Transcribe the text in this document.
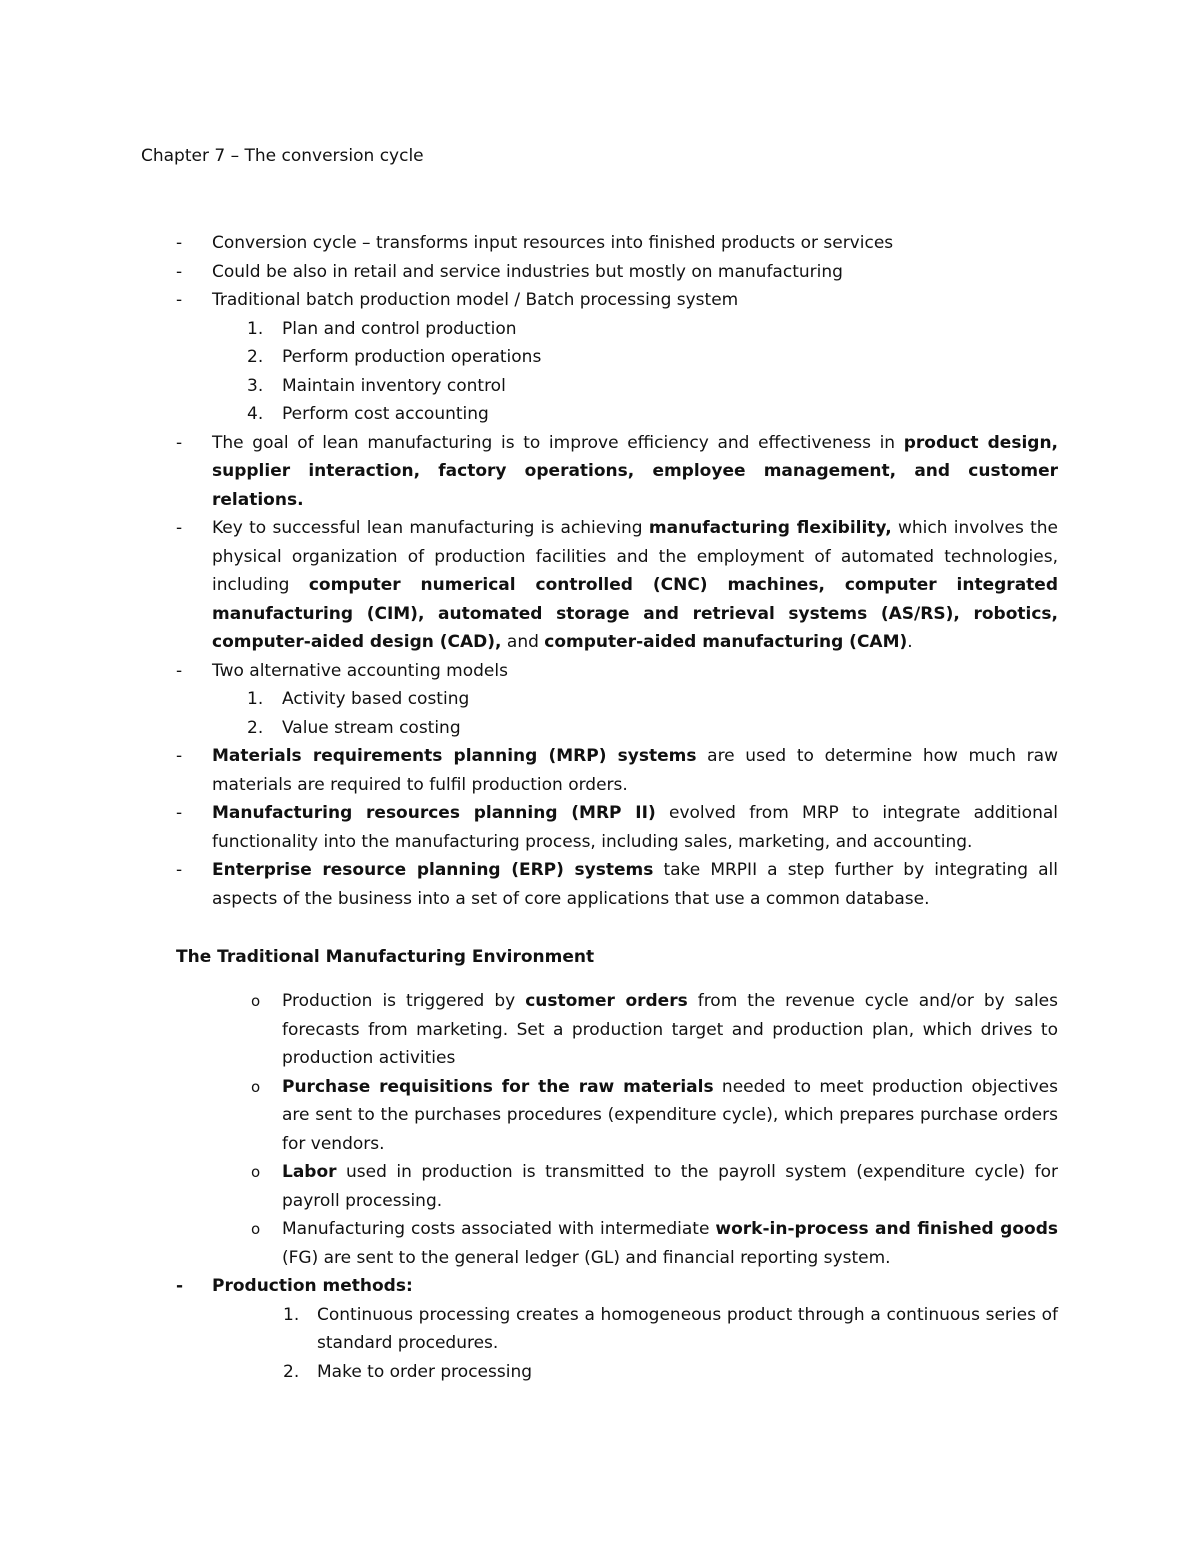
Chapter 7 – The conversion cycle
- Conversion cycle – transforms input resources into finished products or services
- Could be also in retail and service industries but mostly on manufacturing
- Traditional batch production model / Batch processing system
1. Plan and control production
2. Perform production operations
3. Maintain inventory control
4. Perform cost accounting
- The goal of lean manufacturing is to improve efficiency and effectiveness in product design, supplier interaction, factory operations, employee management, and customer relations.
- Key to successful lean manufacturing is achieving manufacturing flexibility, which involves the physical organization of production facilities and the employment of automated technologies, including computer numerical controlled (CNC) machines, computer integrated manufacturing (CIM), automated storage and retrieval systems (AS/RS), robotics, computer-aided design (CAD), and computer-aided manufacturing (CAM).
- Two alternative accounting models
1. Activity based costing
2. Value stream costing
- Materials requirements planning (MRP) systems are used to determine how much raw materials are required to fulfil production orders.
- Manufacturing resources planning (MRP II) evolved from MRP to integrate additional functionality into the manufacturing process, including sales, marketing, and accounting.
- Enterprise resource planning (ERP) systems take MRPII a step further by integrating all aspects of the business into a set of core applications that use a common database.
The Traditional Manufacturing Environment
o Production is triggered by customer orders from the revenue cycle and/or by sales forecasts from marketing. Set a production target and production plan, which drives to production activities
o Purchase requisitions for the raw materials needed to meet production objectives are sent to the purchases procedures (expenditure cycle), which prepares purchase orders for vendors.
o Labor used in production is transmitted to the payroll system (expenditure cycle) for payroll processing.
o Manufacturing costs associated with intermediate work-in-process and finished goods (FG) are sent to the general ledger (GL) and financial reporting system.
- Production methods:
1. Continuous processing creates a homogeneous product through a continuous series of standard procedures.
2. Make to order processing
